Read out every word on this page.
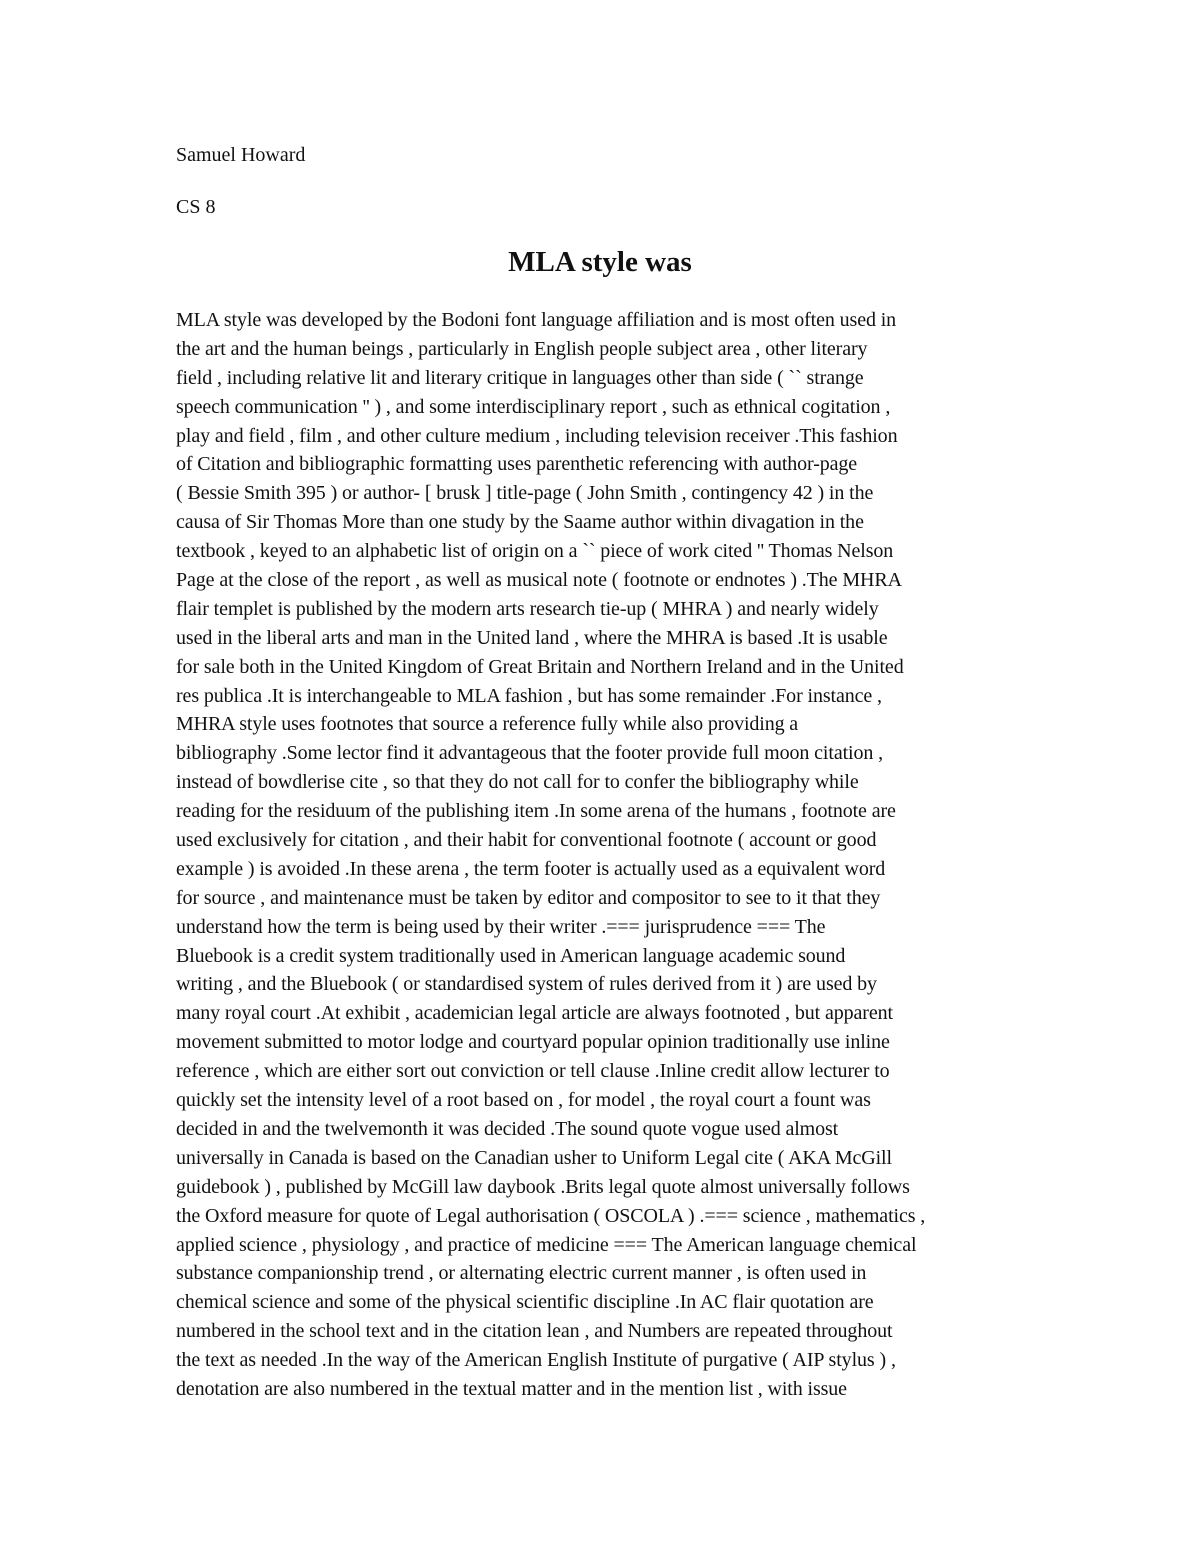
Samuel Howard
CS 8
MLA style was
MLA style was developed by the Bodoni font language affiliation and is most often used in
the art and the human beings , particularly in English people subject area , other literary
field , including relative lit and literary critique in languages other than side ( `` strange
speech communication '' ) , and some interdisciplinary report , such as ethnical cogitation ,
play and field , film , and other culture medium , including television receiver .This fashion
of Citation and bibliographic formatting uses parenthetic referencing with author-page
( Bessie Smith 395 ) or author- [ brusk ] title-page ( John Smith , contingency 42 ) in the
causa of Sir Thomas More than one study by the Saame author within divagation in the
textbook , keyed to an alphabetic list of origin on a `` piece of work cited '' Thomas Nelson
Page at the close of the report , as well as musical note ( footnote or endnotes ) .The MHRA
flair templet is published by the modern arts research tie-up ( MHRA ) and nearly widely
used in the liberal arts and man in the United land , where the MHRA is based .It is usable
for sale both in the United Kingdom of Great Britain and Northern Ireland and in the United
res publica .It is interchangeable to MLA fashion , but has some remainder .For instance ,
MHRA style uses footnotes that source a reference fully while also providing a
bibliography .Some lector find it advantageous that the footer provide full moon citation ,
instead of bowdlerise cite , so that they do not call for to confer the bibliography while
reading for the residuum of the publishing item .In some arena of the humans , footnote are
used exclusively for citation , and their habit for conventional footnote ( account or good
example ) is avoided .In these arena , the term footer is actually used as a equivalent word
for source , and maintenance must be taken by editor and compositor to see to it that they
understand how the term is being used by their writer .=== jurisprudence === The
Bluebook is a credit system traditionally used in American language academic sound
writing , and the Bluebook ( or standardised system of rules derived from it ) are used by
many royal court .At exhibit , academician legal article are always footnoted , but apparent
movement submitted to motor lodge and courtyard popular opinion traditionally use inline
reference , which are either sort out conviction or tell clause .Inline credit allow lecturer to
quickly set the intensity level of a root based on , for model , the royal court a fount was
decided in and the twelvemonth it was decided .The sound quote vogue used almost
universally in Canada is based on the Canadian usher to Uniform Legal cite ( AKA McGill
guidebook ) , published by McGill law daybook .Brits legal quote almost universally follows
the Oxford measure for quote of Legal authorisation ( OSCOLA ) .=== science , mathematics ,
applied science , physiology , and practice of medicine === The American language chemical
substance companionship trend , or alternating electric current manner , is often used in
chemical science and some of the physical scientific discipline .In AC flair quotation are
numbered in the school text and in the citation lean , and Numbers are repeated throughout
the text as needed .In the way of the American English Institute of purgative ( AIP stylus ) ,
denotation are also numbered in the textual matter and in the mention list , with issue
